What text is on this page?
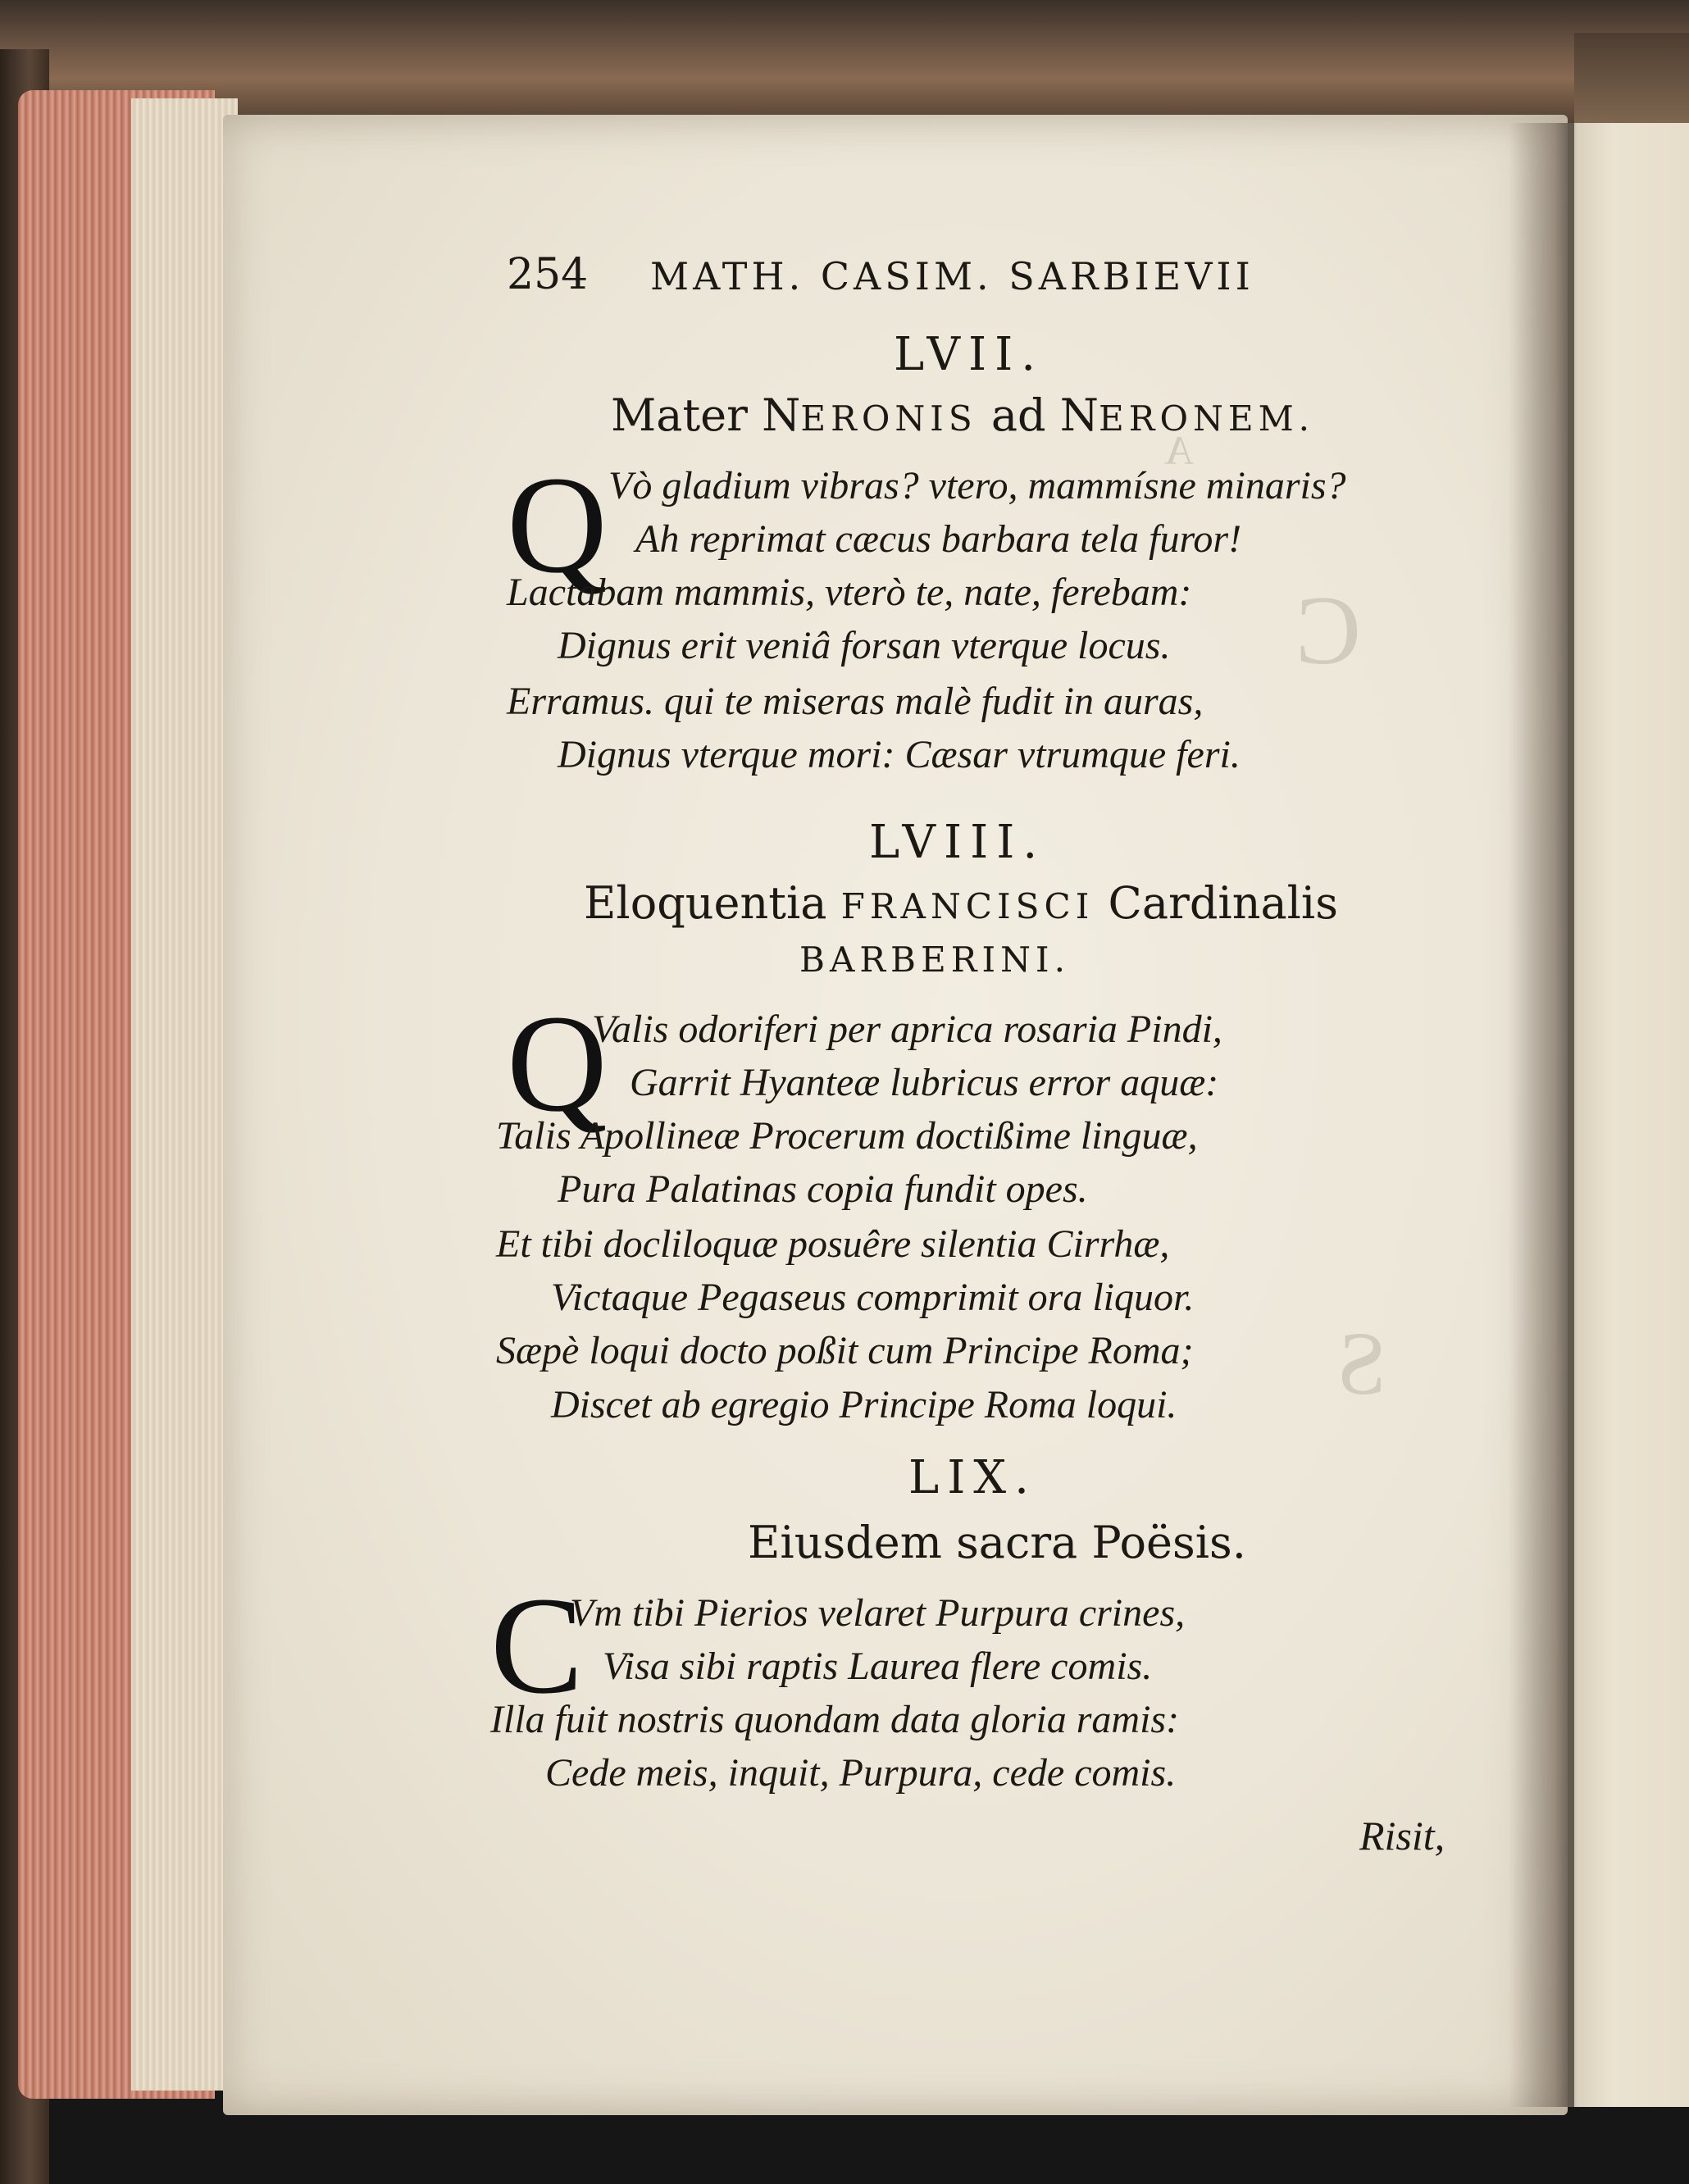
A
C
S
254 MATH. CASIM. SARBIEVII
LVII.
Mater NERONIS ad NERONEM.
Q Vò gladium vibras? vtero, mammísne minaris?
Ah reprimat cæcus barbara tela furor!
Lactabam mammis, vterò te, nate, ferebam:
Dignus erit veniâ forsan vterque locus.
Erramus. qui te miseras malè fudit in auras,
Dignus vterque mori: Cæsar vtrumque feri.
LVIII.
Eloquentia FRANCISCI Cardinalis
BARBERINI.
Q
Valis odoriferi per aprica rosaria Pindi,
Garrit Hyanteæ lubricus error aquæ:
Talis Apollineæ Procerum doctißime linguæ,
Pura Palatinas copia fundit opes.
Et tibi docliloquæ posuêre silentia Cirrhæ,
Victaque Pegaseus comprimit ora liquor.
Sæpè loqui docto poßit cum Principe Roma;
Discet ab egregio Principe Roma loqui.
LIX.
Eiusdem sacra Poësis.
C
Vm tibi Pierios velaret Purpura crines,
Visa sibi raptis Laurea flere comis.
Illa fuit nostris quondam data gloria ramis:
Cede meis, inquit, Purpura, cede comis.
Risit,
